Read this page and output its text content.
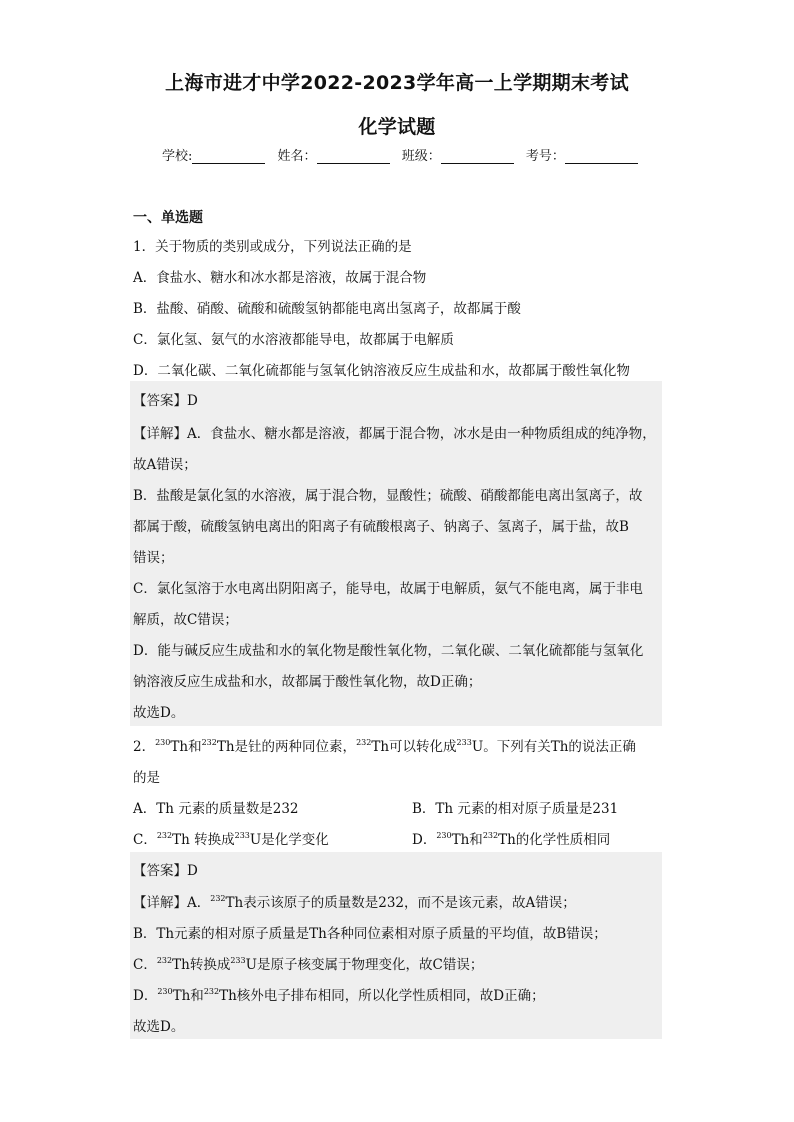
上海市进才中学2022-2023学年高一上学期期末考试
化学试题
学校:	姓名：	班级：	考号：
一、单选题
1．关于物质的类别或成分，下列说法正确的是
A．食盐水、糖水和冰水都是溶液，故属于混合物
B．盐酸、硝酸、硫酸和硫酸氢钠都能电离出氢离子，故都属于酸
C．氯化氢、氨气的水溶液都能导电，故都属于电解质
D．二氧化碳、二氧化硫都能与氢氧化钠溶液反应生成盐和水，故都属于酸性氧化物
【答案】D
【详解】A．食盐水、糖水都是溶液，都属于混合物，冰水是由一种物质组成的纯净物，
故A错误；
B．盐酸是氯化氢的水溶液，属于混合物，显酸性；硫酸、硝酸都能电离出氢离子，故
都属于酸，硫酸氢钠电离出的阳离子有硫酸根离子、钠离子、氢离子，属于盐，故B
错误；
C．氯化氢溶于水电离出阴阳离子，能导电，故属于电解质，氨气不能电离，属于非电
解质，故C错误；
D．能与碱反应生成盐和水的氧化物是酸性氧化物，二氧化碳、二氧化硫都能与氢氧化
钠溶液反应生成盐和水，故都属于酸性氧化物，故D正确；
故选D。
2．$^{230}$Th和$^{232}$Th是钍的两种同位素，$^{232}$Th可以转化成$^{233}$U。下列有关Th的说法正确
的是
A．Th 元素的质量数是232	B．Th 元素的相对原子质量是231
C．$^{232}$Th 转换成$^{233}$U是化学变化	D．$^{230}$Th和$^{232}$Th的化学性质相同
【答案】D
【详解】A．$^{232}$Th表示该原子的质量数是232，而不是该元素，故A错误；
B．Th元素的相对原子质量是Th各种同位素相对原子质量的平均值，故B错误；
C．$^{232}$Th转换成$^{233}$U是原子核变属于物理变化，故C错误；
D．$^{230}$Th和$^{232}$Th核外电子排布相同，所以化学性质相同，故D正确；
故选D。
